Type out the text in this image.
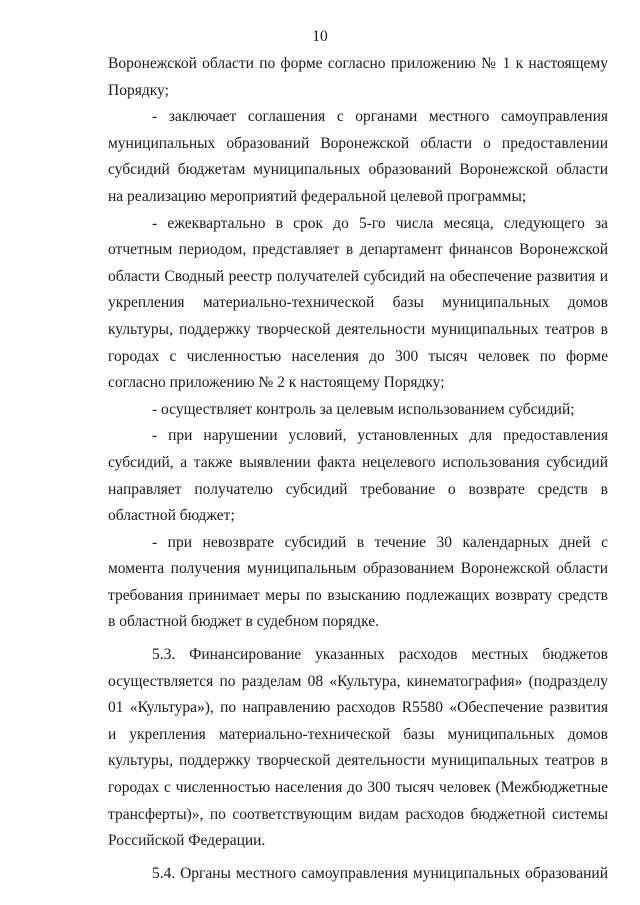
10
Воронежской области по форме согласно приложению № 1 к настоящему
Порядку;
- заключает соглашения с органами местного самоуправления
муниципальных образований Воронежской области о предоставлении
субсидий бюджетам муниципальных образований Воронежской области
на реализацию мероприятий федеральной целевой программы;
- ежеквартально в срок до 5-го числа месяца, следующего за
отчетным периодом, представляет в департамент финансов Воронежской
области Сводный реестр получателей субсидий на обеспечение развития и
укрепления материально-технической базы муниципальных домов
культуры, поддержку творческой деятельности муниципальных театров в
городах с численностью населения до 300 тысяч человек по форме
согласно приложению № 2 к настоящему Порядку;
- осуществляет контроль за целевым использованием субсидий;
- при нарушении условий, установленных для предоставления
субсидий, а также выявлении факта нецелевого использования субсидий
направляет получателю субсидий требование о возврате средств в
областной бюджет;
- при невозврате субсидий в течение 30 календарных дней с
момента получения муниципальным образованием Воронежской области
требования принимает меры по взысканию подлежащих возврату средств
в областной бюджет в судебном порядке.
5.3. Финансирование указанных расходов местных бюджетов
осуществляется по разделам 08 «Культура, кинематография» (подразделу
01 «Культура»), по направлению расходов R5580 «Обеспечение развития
и укрепления материально-технической базы муниципальных домов
культуры, поддержку творческой деятельности муниципальных театров в
городах с численностью населения до 300 тысяч человек (Межбюджетные
трансферты)», по соответствующим видам расходов бюджетной системы
Российской Федерации.
5.4. Органы местного самоуправления муниципальных образований
